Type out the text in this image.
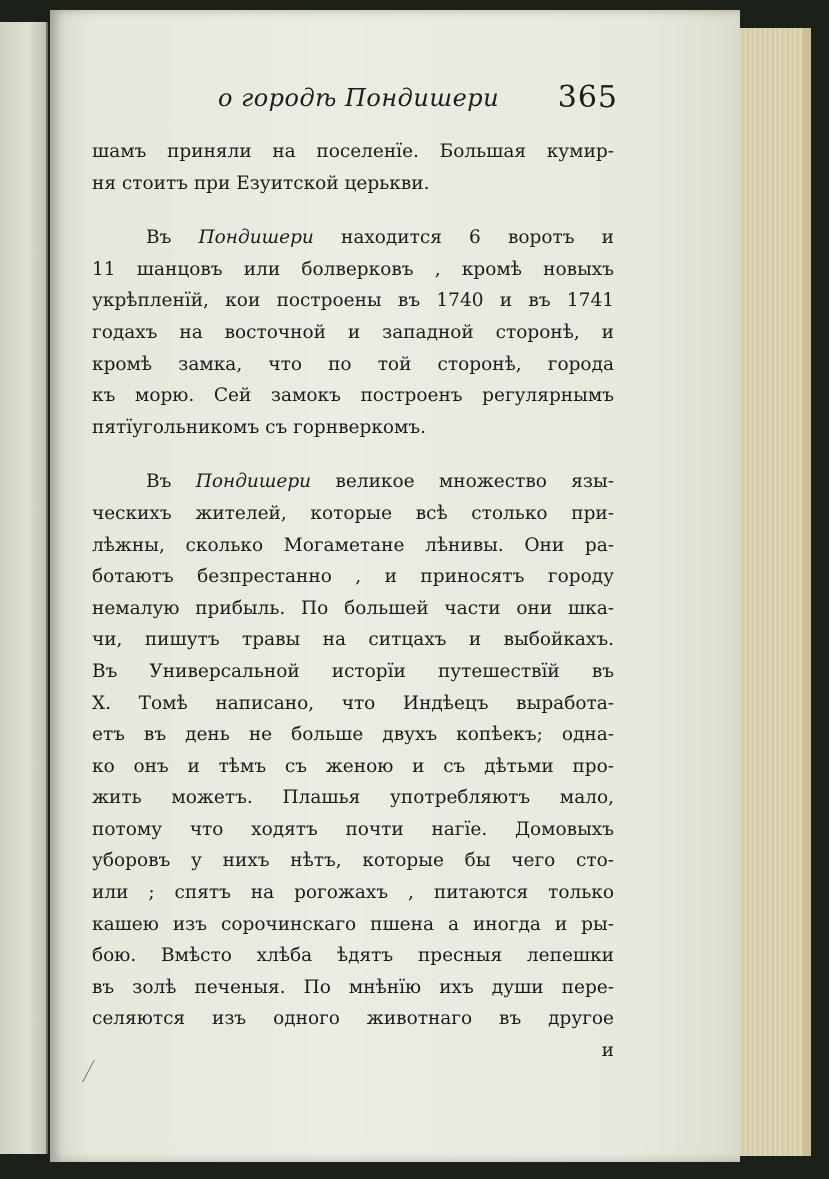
о городѣ Пондишери 365
шамъ приняли на поселенїе. Большая кумир-
ня стоитъ при Езуитской церькви.
Въ Пондишери находится 6 воротъ и
11 шанцовъ или болверковъ , кромѣ новыхъ
укрѣпленїй, кои построены въ 1740 и въ 1741
годахъ на восточной и западной сторонѣ, и
кромѣ замка, что по той сторонѣ, города
къ морю. Сей замокъ построенъ регулярнымъ
пятїугольникомъ съ горнверкомъ.
Въ Пондишери великое множество язы-
ческихъ жителей, которые всѣ столько при-
лѣжны, сколько Могаметане лѣнивы. Они ра-
ботаютъ безпрестанно , и приносятъ городу
немалую прибыль. По большей части они шка-
чи, пишутъ травы на ситцахъ и выбойкахъ.
Въ Универсальной исторїи путешествїй въ
X. Томѣ написано, что Индѣецъ выработа-
етъ въ день не больше двухъ копѣекъ; одна-
ко онъ и тѣмъ съ женою и съ дѣтьми про-
жить можетъ. Плашья употребляютъ мало,
потому что ходятъ почти нагїе. Домовыхъ
уборовъ у нихъ нѣтъ, которые бы чего сто-
или ; спятъ на рогожахъ , питаются только
кашею изъ сорочинскаго пшена а иногда и ры-
бою. Вмѣсто хлѣба ѣдятъ пресныя лепешки
въ золѣ печеныя. По мнѣнїю ихъ души пере-
селяются изъ одного животнаго въ другое
и
